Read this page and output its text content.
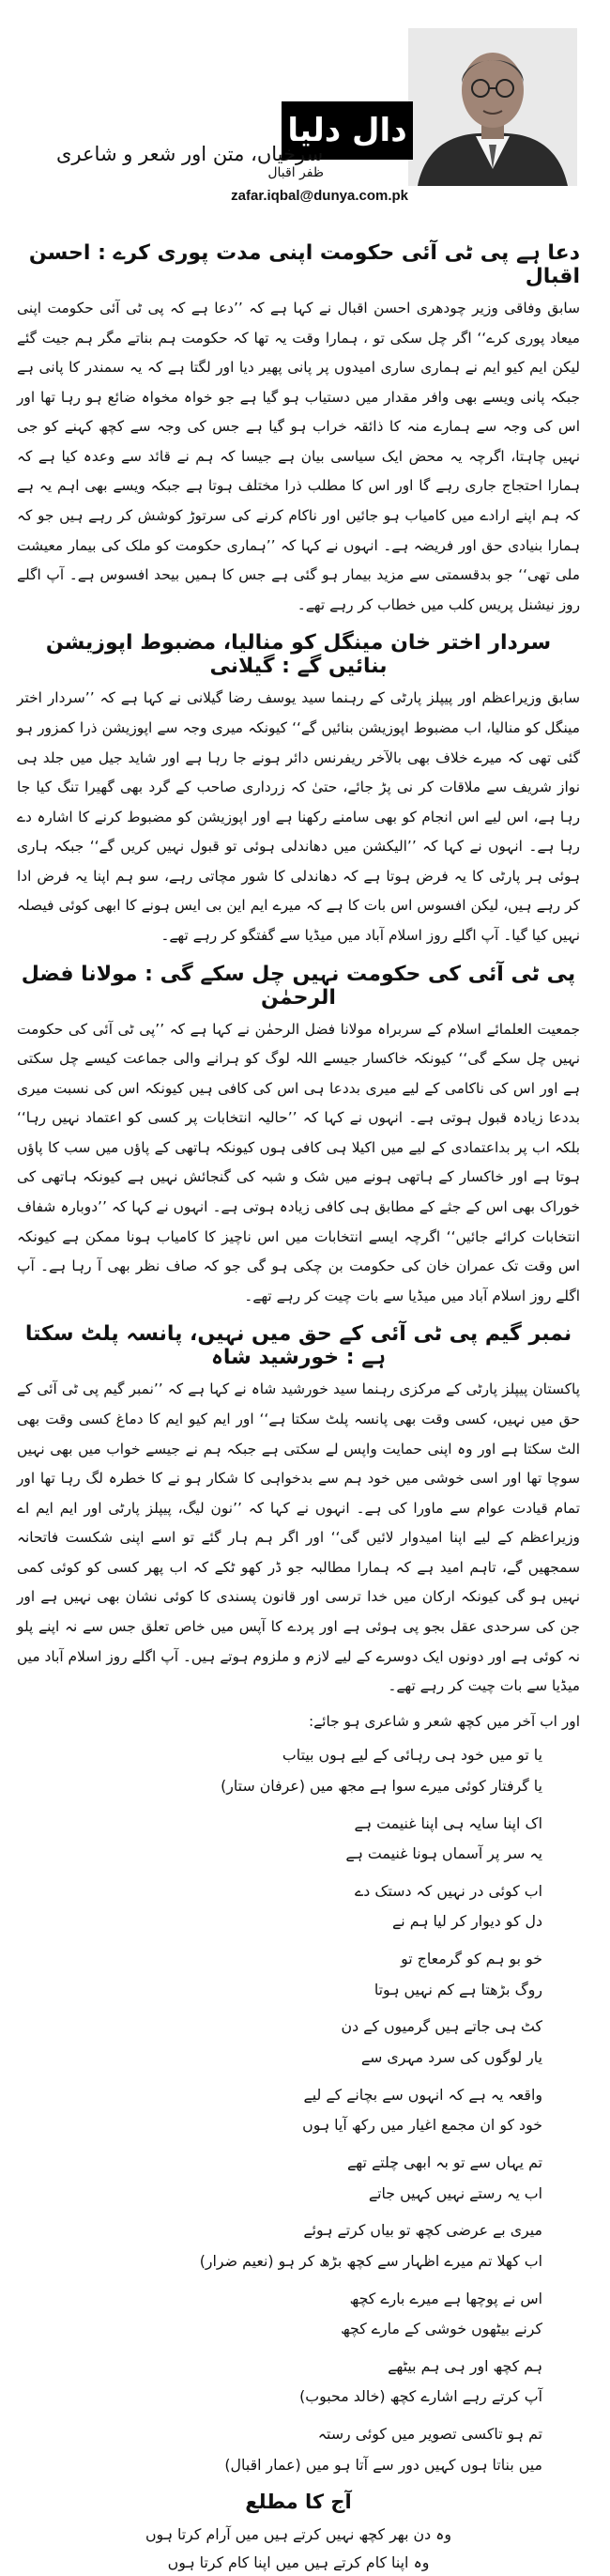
دال دلیا
ظفر اقبال
zafar.iqbal@dunya.com.pk
سرخیاں، متن اور شعر و شاعری
دعا ہے پی ٹی آئی حکومت اپنی مدت پوری کرے : احسن اقبال

سابق وفاقی وزیر چودھری احسن اقبال نے کہا ہے کہ ’’دعا ہے کہ پی ٹی آئی حکومت اپنی میعاد پوری کرے‘‘ اگر چل سکی تو ، ہمارا وقت یہ تھا کہ حکومت ہم بناتے مگر ہم جیت گئے لیکن ایم کیو ایم نے ہماری ساری امیدوں پر پانی پھیر دیا اور لگتا ہے کہ یہ سمندر کا پانی ہے جبکہ پانی ویسے بھی وافر مقدار میں دستیاب ہو گیا ہے جو خواہ مخواہ ضائع ہو رہا تھا اور اس کی وجہ سے ہمارے منہ کا ذائقہ خراب ہو گیا ہے جس کی وجہ سے کچھ کہنے کو جی نہیں چاہتا، اگرچہ یہ محض ایک سیاسی بیان ہے جیسا کہ ہم نے قائد سے وعدہ کیا ہے کہ ہمارا احتجاج جاری رہے گا اور اس کا مطلب ذرا مختلف ہوتا ہے جبکہ ویسے بھی اہم یہ ہے کہ ہم اپنے ارادے میں کامیاب ہو جائیں اور ناکام کرنے کی سرتوڑ کوشش کر رہے ہیں جو کہ ہمارا بنیادی حق اور فریضہ ہے۔ انہوں نے کہا کہ ’’ہماری حکومت کو ملک کی بیمار معیشت ملی تھی‘‘ جو بدقسمتی سے مزید بیمار ہو گئی ہے جس کا ہمیں بیحد افسوس ہے۔ آپ اگلے روز نیشنل پریس کلب میں خطاب کر رہے تھے۔

سردار اختر خان مینگل کو منالیا، مضبوط اپوزیشن بنائیں گے : گیلانی

سابق وزیراعظم اور پیپلز پارٹی کے رہنما سید یوسف رضا گیلانی نے کہا ہے کہ ’’سردار اختر مینگل کو منالیا، اب مضبوط اپوزیشن بنائیں گے‘‘ کیونکہ میری وجہ سے اپوزیشن ذرا کمزور ہو گئی تھی کہ میرے خلاف بھی بالآخر ریفرنس دائر ہونے جا رہا ہے اور شاید جیل میں جلد ہی نواز شریف سے ملاقات کر نی پڑ جائے، حتیٰ کہ زرداری صاحب کے گرد بھی گھیرا تنگ کیا جا رہا ہے، اس لیے اس انجام کو بھی سامنے رکھنا ہے اور اپوزیشن کو مضبوط کرنے کا اشارہ دے رہا ہے۔ انہوں نے کہا کہ ’’الیکشن میں دھاندلی ہوئی تو قبول نہیں کریں گے‘‘ جبکہ ہاری ہوئی ہر پارٹی کا یہ فرض ہوتا ہے کہ دھاندلی کا شور مچاتی رہے، سو ہم اپنا یہ فرض ادا کر رہے ہیں، لیکن افسوس اس بات کا ہے کہ میرے ایم این بی ایس ہونے کا ابھی کوئی فیصلہ نہیں کیا گیا۔ آپ اگلے روز اسلام آباد میں میڈیا سے گفتگو کر رہے تھے۔

پی ٹی آئی کی حکومت نہیں چل سکے گی : مولانا فضل الرحمٰن

جمعیت العلمائے اسلام کے سربراہ مولانا فضل الرحمٰن نے کہا ہے کہ ’’پی ٹی آئی کی حکومت نہیں چل سکے گی‘‘ کیونکہ خاکسار جیسے اللہ لوگ کو ہرانے والی جماعت کیسے چل سکتی ہے اور اس کی ناکامی کے لیے میری بددعا ہی اس کی کافی ہیں کیونکہ اس کی نسبت میری بددعا زیادہ قبول ہوتی ہے۔ انہوں نے کہا کہ ’’حالیہ انتخابات پر کسی کو اعتماد نہیں رہا‘‘ بلکہ اب پر بداعتمادی کے لیے میں اکیلا ہی کافی ہوں کیونکہ ہاتھی کے پاؤں میں سب کا پاؤں ہوتا ہے اور خاکسار کے ہاتھی ہونے میں شک و شبہ کی گنجائش نہیں ہے کیونکہ ہاتھی کی خوراک بھی اس کے جثے کے مطابق ہی کافی زیادہ ہوتی ہے۔ انہوں نے کہا کہ ’’دوبارہ شفاف انتخابات کرائے جائیں‘‘ اگرچہ ایسے انتخابات میں اس ناچیز کا کامیاب ہونا ممکن ہے کیونکہ اس وقت تک عمران خان کی حکومت بن چکی ہو گی جو کہ صاف نظر بھی آ رہا ہے۔ آپ اگلے روز اسلام آباد میں میڈیا سے بات چیت کر رہے تھے۔

نمبر گیم پی ٹی آئی کے حق میں نہیں، پانسہ پلٹ سکتا ہے : خورشید شاہ

پاکستان پیپلز پارٹی کے مرکزی رہنما سید خورشید شاہ نے کہا ہے کہ ’’نمبر گیم پی ٹی آئی کے حق میں نہیں، کسی وقت بھی پانسہ پلٹ سکتا ہے‘‘ اور ایم کیو ایم کا دماغ کسی وقت بھی الٹ سکتا ہے اور وہ اپنی حمایت واپس لے سکتی ہے جبکہ ہم نے جیسے خواب میں بھی نہیں سوچا تھا اور اسی خوشی میں خود ہم سے بدخواہی کا شکار ہو نے کا خطرہ لگ رہا تھا اور تمام قیادت عوام سے ماورا کی ہے۔ انہوں نے کہا کہ ’’نون لیگ، پیپلز پارٹی اور ایم ایم اے وزیراعظم کے لیے اپنا امیدوار لائیں گی‘‘ اور اگر ہم ہار گئے تو اسے اپنی شکست فاتحانہ سمجھیں گے، تاہم امید ہے کہ ہمارا مطالبہ جو ڈر کھو ٹکے کہ اب پھر کسی کو کوئی کمی نہیں ہو گی کیونکہ ارکان میں خدا ترسی اور قانون پسندی کا کوئی نشان بھی نہیں ہے اور جن کی سرحدی عقل بجو پی ہوئی ہے اور پردے کا آپس میں خاص تعلق جس سے نہ اپنے پلو نہ کوئی ہے اور دونوں ایک دوسرے کے لیے لازم و ملزوم ہوتے ہیں۔ آپ اگلے روز اسلام آباد میں میڈیا سے بات چیت کر رہے تھے۔

اور اب آخر میں کچھ شعر و شاعری ہو جائے:

یا تو میں خود ہی رہائی کے لیے ہوں بیتاب

یا گرفتار کوئی میرے سوا ہے مجھ میں (عرفان ستار)

اک اپنا سایہ ہی اپنا غنیمت ہے

یہ سر پر آسماں ہونا غنیمت ہے

اب کوئی در نہیں کہ دستک دے

دل کو دیوار کر لیا ہم نے

خو بو ہم کو گرمعاج تو

روگ بڑھتا ہے کم نہیں ہوتا

کٹ ہی جاتے ہیں گرمیوں کے دن

یار لوگوں کی سرد مہری سے

واقعہ یہ ہے کہ انہوں سے بچانے کے لیے

خود کو ان مجمع اغیار میں رکھ آیا ہوں

تم یہاں سے تو بہ ابھی چلتے تھے

اب یہ رستے نہیں کہیں جاتے

میری بے عرضی کچھ تو بیاں کرتے ہوئے

اب کھلا تم میرے اظہار سے کچھ بڑھ کر ہو (نعیم ضرار)

اس نے پوچھا ہے میرے بارے کچھ

کرنے بیٹھوں خوشی کے مارے کچھ

ہم کچھ اور ہی ہم بیٹھے

آپ کرتے رہے اشارے کچھ (خالد محبوب)

تم ہو تاکسی تصویر میں کوئی رستہ

میں بناتا ہوں کہیں دور سے آتا ہو میں (عمار اقبال)

آج کا مطلع

وہ دن بھر کچھ نہیں کرتے ہیں میں آرام کرتا ہوں

وہ اپنا کام کرتے ہیں میں اپنا کام کرتا ہوں
